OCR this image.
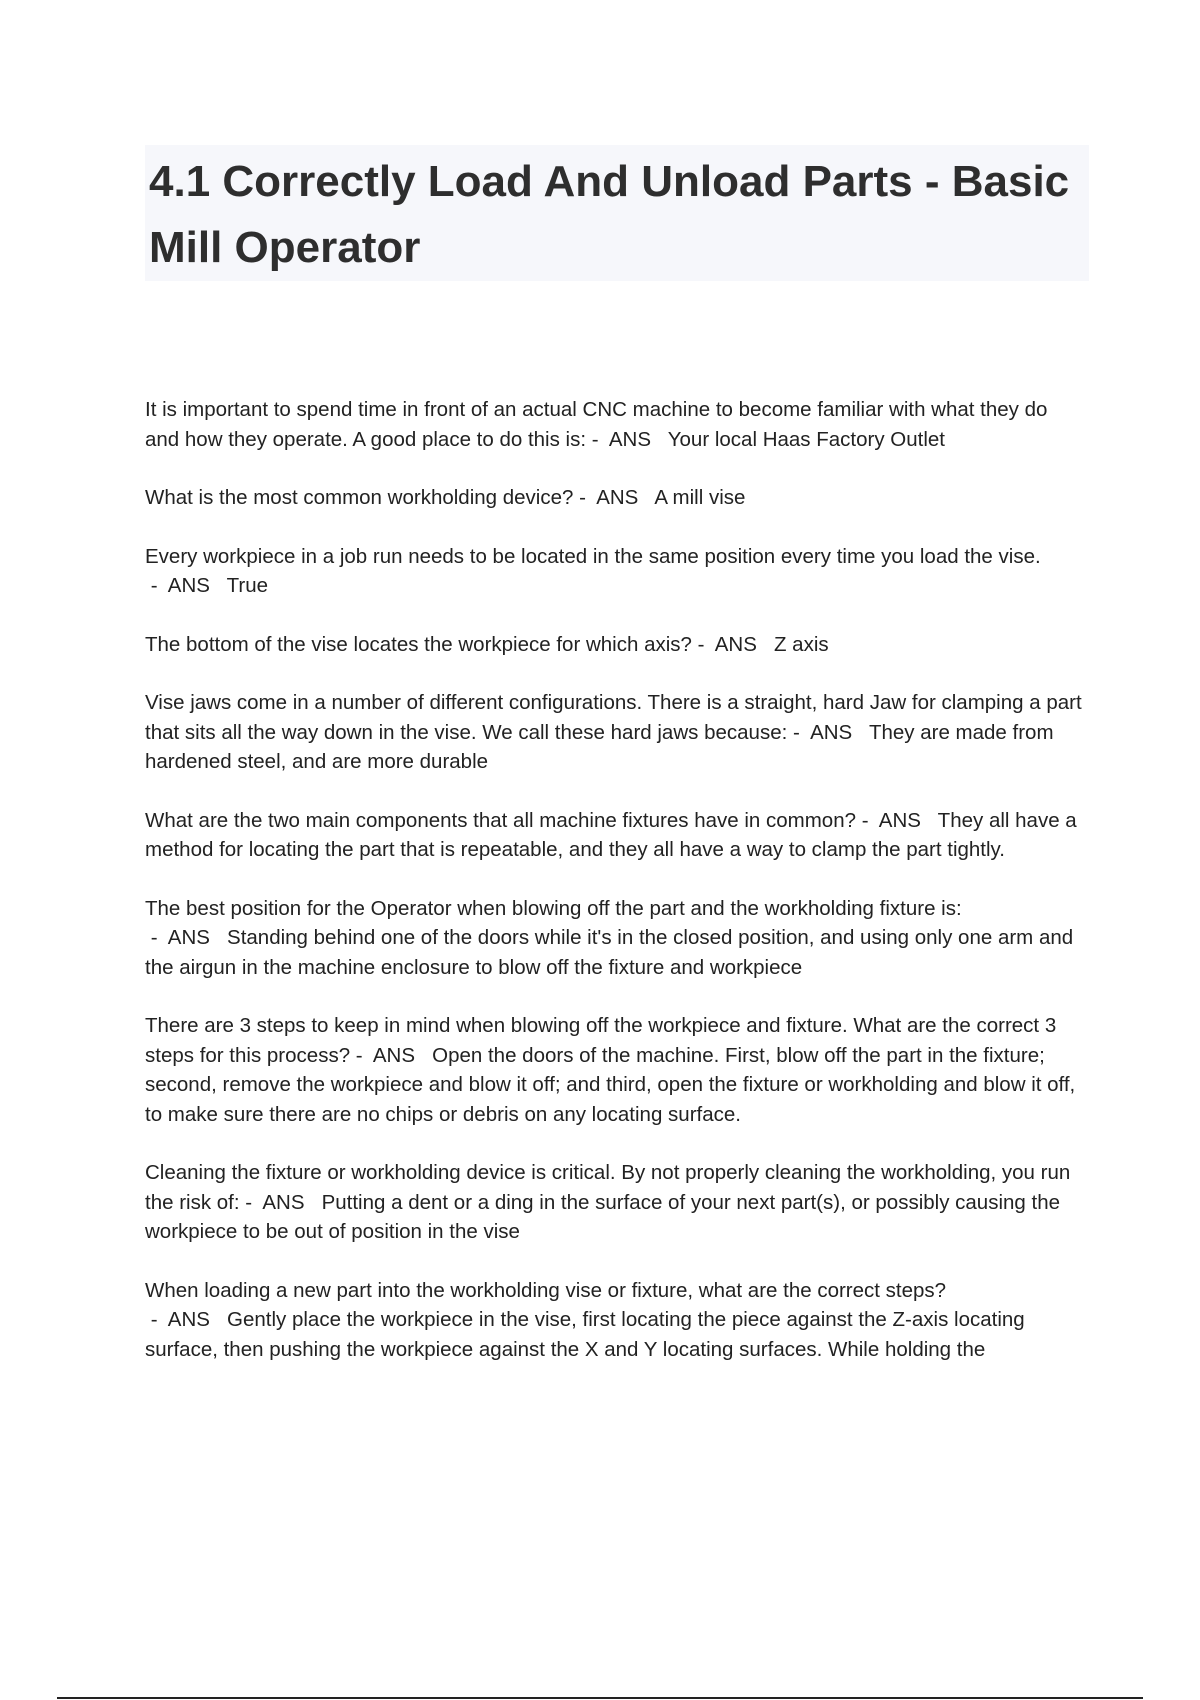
4.1 Correctly Load And Unload Parts - Basic Mill Operator

It is important to spend time in front of an actual CNC machine to become familiar with what they do and how they operate. A good place to do this is: -  ANS   Your local Haas Factory Outlet

What is the most common workholding device? -  ANS   A mill vise

Every workpiece in a job run needs to be located in the same position every time you load the vise. -  ANS   True

The bottom of the vise locates the workpiece for which axis? -  ANS   Z axis

Vise jaws come in a number of different configurations. There is a straight, hard Jaw for clamping a part that sits all the way down in the vise. We call these hard jaws because: -  ANS   They are made from hardened steel, and are more durable

What are the two main components that all machine fixtures have in common? -  ANS   They all have a method for locating the part that is repeatable, and they all have a way to clamp the part tightly.

The best position for the Operator when blowing off the part and the workholding fixture is: -  ANS   Standing behind one of the doors while it's in the closed position, and using only one arm and the airgun in the machine enclosure to blow off the fixture and workpiece

There are 3 steps to keep in mind when blowing off the workpiece and fixture. What are the correct 3 steps for this process? -  ANS   Open the doors of the machine. First, blow off the part in the fixture; second, remove the workpiece and blow it off; and third, open the fixture or workholding and blow it off, to make sure there are no chips or debris on any locating surface.

Cleaning the fixture or workholding device is critical. By not properly cleaning the workholding, you run the risk of: -  ANS   Putting a dent or a ding in the surface of your next part(s), or possibly causing the workpiece to be out of position in the vise

When loading a new part into the workholding vise or fixture, what are the correct steps? -  ANS   Gently place the workpiece in the vise, first locating the piece against the Z-axis locating surface, then pushing the workpiece against the X and Y locating surfaces. While holding the
